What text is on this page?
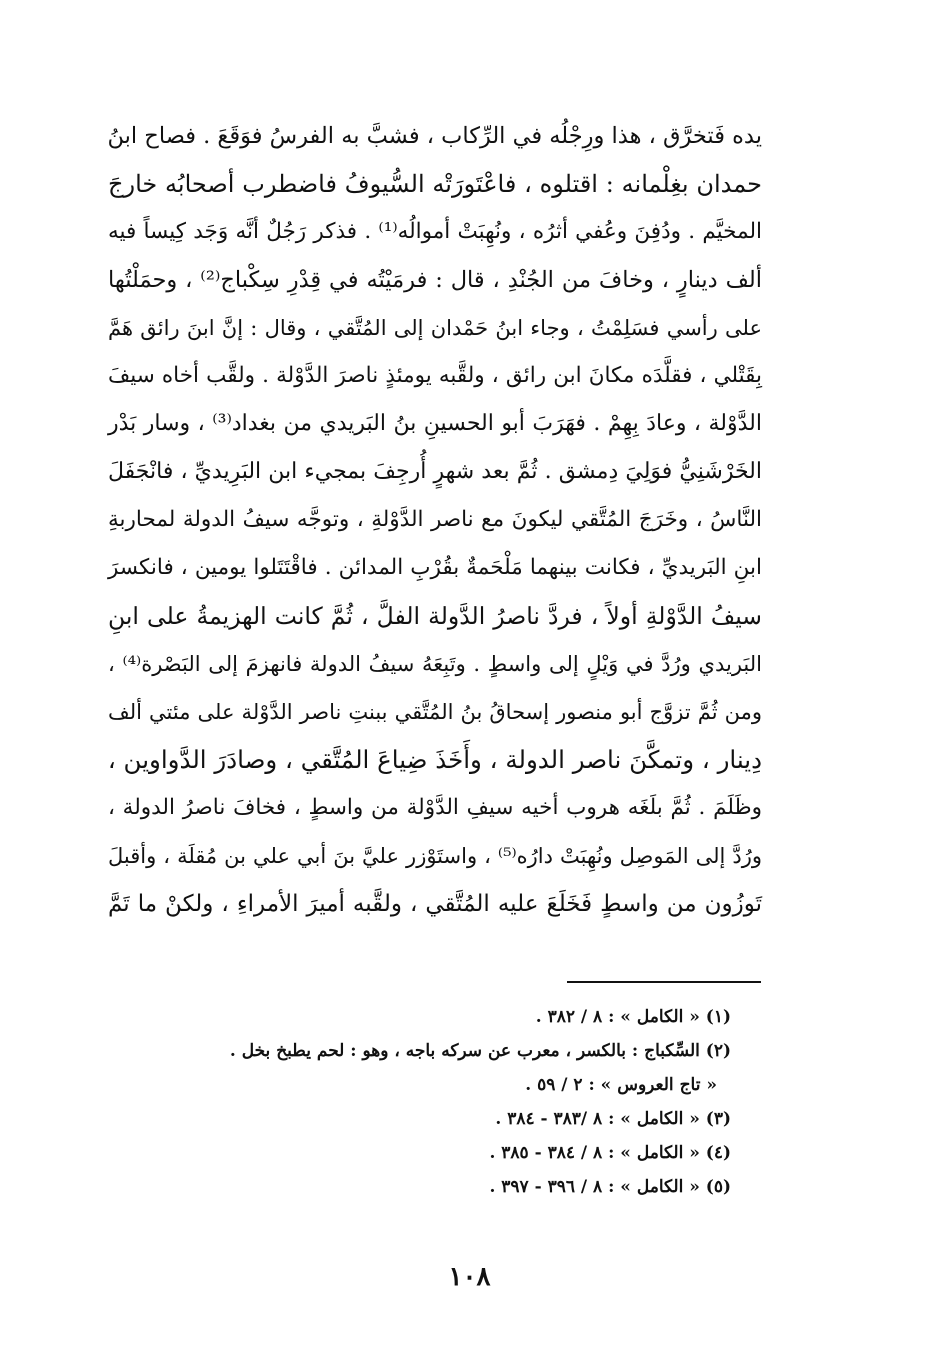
يده فَتخرَّق ، هذا ورِجْلُه في الرِّكاب ، فشبَّ به الفرسُ فوَقَعَ . فصاح ابنُ
حمدان بغِلْمانه : اقتلوه ، فاعْتَورَتْه السُّيوفُ فاضطرب أصحابُه خارجَ
المخيَّم . ودُفِنَ وعُفي أثرُه ، ونُهِبَتْ أموالُه⁽¹⁾ . فذكر رَجُلٌ أنَّه وَجَد كِيساً فيه
ألف دينارٍ ، وخافَ من الجُنْدِ ، قال : فرمَيْتُه في قِدْرِ سِكْباج⁽²⁾ ، وحمَلْتُها
على رأسي فسَلِمْتُ ، وجاء ابنُ حَمْدان إلى المُتَّقي ، وقال : إنَّ ابنَ رائق هَمَّ
بِقَتْلي ، فقلَّدَه مكانَ ابن رائق ، ولقَّبه يومئذٍ ناصرَ الدَّوْلة . ولقَّب أخاه سيفَ
الدَّوْلة ، وعادَ بِهِمْ . فهَرَبَ أبو الحسينِ بنُ البَريدي من بغداد⁽³⁾ ، وسار بَدْر
الخَرْشَنِيُّ فوَلِيَ دِمشق . ثُمَّ بعد شهرٍ أُرجِفَ بمجيء ابن البَرِيديِّ ، فانْجَفَلَ
النَّاسُ ، وخَرَجَ المُتَّقي ليكونَ مع ناصر الدَّوْلةِ ، وتوجَّه سيفُ الدولة لمحاربةِ
ابنِ البَريديِّ ، فكانت بينهما مَلْحَمةٌ بقُرْبِ المدائن . فاقْتَتَلوا يومين ، فانكسرَ
سيفُ الدَّوْلةِ أولاً ، فردَّ ناصرُ الدَّولة الفلَّ ، ثُمَّ كانت الهزيمةُ على ابنِ
البَريدي ورُدَّ في وَيْلٍ إلى واسطٍ . وتَبِعَهُ سيفُ الدولة فانهزمَ إلى البَصْرة⁽⁴⁾ ،
ومن ثُمَّ تزوَّج أبو منصور إسحاقُ بنُ المُتَّقي ببنتِ ناصر الدَّوْلة على مئتي ألف
دِينار ، وتمكَّنَ ناصر الدولة ، وأَخَذَ ضِياعَ المُتَّقي ، وصادَرَ الدَّواوين ،
وظَلَمَ . ثُمَّ بلَغَه هروب أخيه سيفِ الدَّوْلة من واسطٍ ، فخافَ ناصرُ الدولة ،
ورُدَّ إلى المَوصِل ونُهِبَتْ دارُه⁽⁵⁾ ، واستَوْزر عليَّ بنَ أبي علي بن مُقلَة ، وأقبلَ
تَوزُون من واسطٍ فَخَلَعَ عليه المُتَّقي ، ولقَّبه أميرَ الأمراءِ ، ولكنْ ما تَمَّ
(١) « الكامل » : ٨ / ٣٨٢ .
(٢) السِّكباج : بالكسر ، معرب عن سركه باجه ، وهو : لحم يطبخ بخل .
« تاج العروس » : ٢ / ٥٩ .
(٣) « الكامل » : ٨ /٣٨٣ - ٣٨٤ .
(٤) « الكامل » : ٨ / ٣٨٤ - ٣٨٥ .
(٥) « الكامل » : ٨ / ٣٩٦ - ٣٩٧ .
١٠٨
